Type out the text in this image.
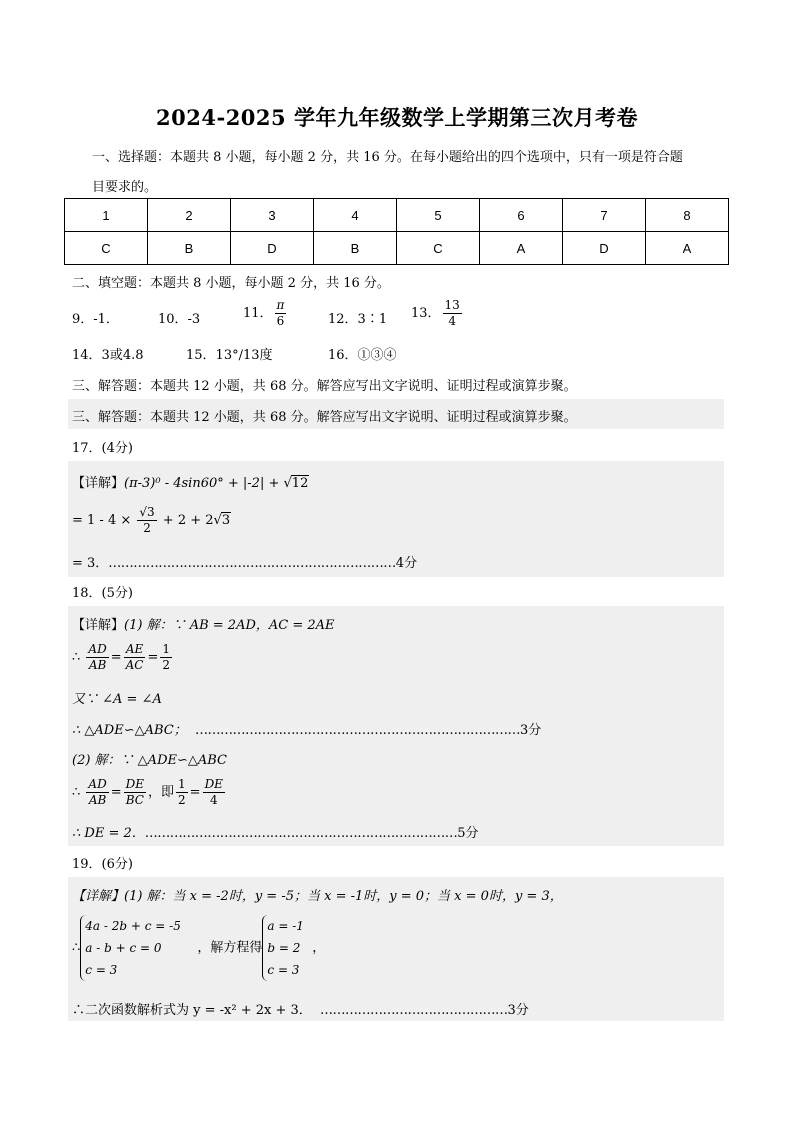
2024-2025 学年九年级数学上学期第三次月考卷
一、选择题：本题共 8 小题，每小题 2 分，共 16 分。在每小题给出的四个选项中，只有一项是符合题
目要求的。
1	2	3	4	5	6	7	8
C	B	D	B	C	A	D	A
二、填空题：本题共 8 小题，每小题 2 分，共 16 分。
9．-1．	10．-3	11． $\frac{\pi}{6}$	12．3∶1 13． $\frac{13}{4}$
14．3或4.8	15．13°/13度	16．①③④
三、解答题：本题共 12 小题，共 68 分。解答应写出文字说明、证明过程或演算步聚。
三、解答题：本题共 12 小题，共 68 分。解答应写出文字说明、证明过程或演算步聚。
17．(4分)
【详解】(π-3)⁰ - 4sin60° + |-2| + √12
= $1 - 4 \times \frac{√3}{2} + 2 + 2√3$
= 3．……………………………………………………………4分
18．(5分)
【详解】(1) 解：∵ AB = 2AD，AC = 2AE
∴ $\frac{AD}{AB} = \frac{AE}{AC} = \frac{1}{2}$
又∵ ∠A = ∠A
∴ △ADE∽△ABC； ……………………………………………………………………3分
(2) 解：∵ △ADE∽△ABC
∴ $\frac{AD}{AB} = \frac{DE}{BC}$ ，即 $\frac{1}{2} = \frac{DE}{4}$
∴ DE = 2．…………………………………………………………………5分
19．(6分)
【详解】(1) 解：当 x = -2时，y = -5；当 x = -1时，y = 0；当 x = 0时，y = 3，
∴
4a - 2b + c = -5
a - b + c = 0
c = 3
，解方程得
a = -1
b = 2
c = 3
，
∴二次函数解析式为 y = -x² + 2x + 3． ………………………………………3分
